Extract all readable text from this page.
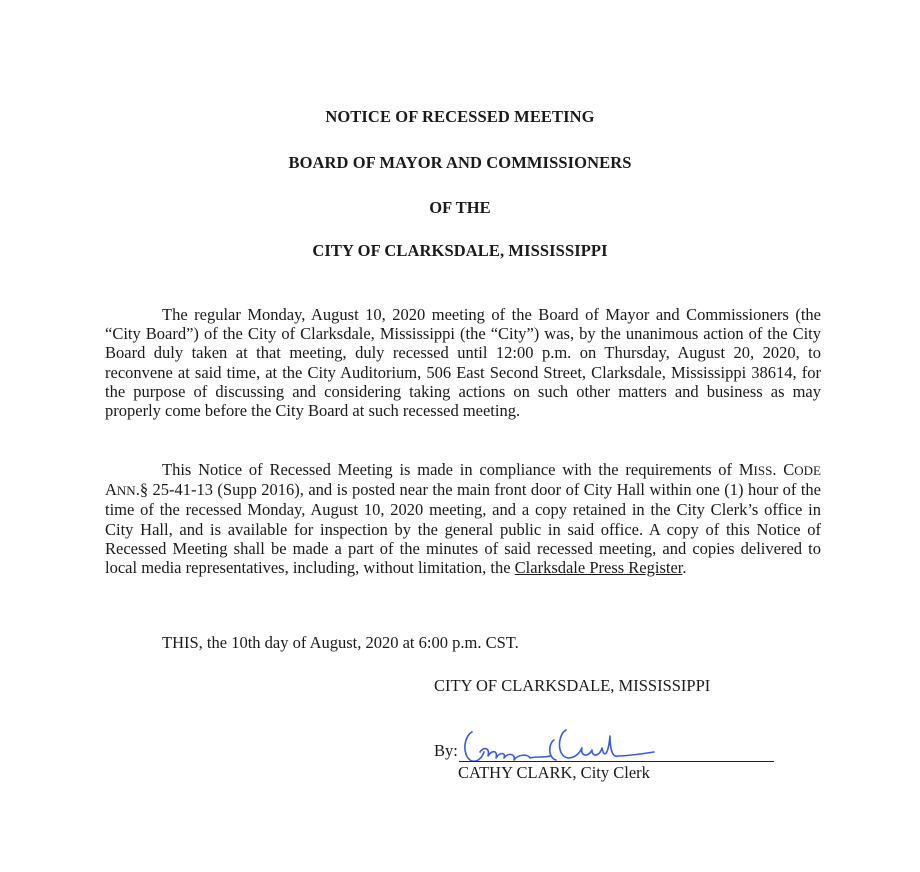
NOTICE OF RECESSED MEETING
BOARD OF MAYOR AND COMMISSIONERS
OF THE
CITY OF CLARKSDALE, MISSISSIPPI

The regular Monday, August 10, 2020 meeting of the Board of Mayor and Commissioners (the “City Board”) of the City of Clarksdale, Mississippi (the “City”) was, by the unanimous action of the City Board duly taken at that meeting, duly recessed until 12:00 p.m. on Thursday, August 20, 2020, to reconvene at said time, at the City Auditorium, 506 East Second Street, Clarksdale, Mississippi 38614, for the purpose of discussing and considering taking actions on such other matters and business as may properly come before the City Board at such recessed meeting.

This Notice of Recessed Meeting is made in compliance with the requirements of MISS. CODE ANN.§ 25-41-13 (Supp 2016), and is posted near the main front door of City Hall within one (1) hour of the time of the recessed Monday, August 10, 2020 meeting, and a copy retained in the City Clerk’s office in City Hall, and is available for inspection by the general public in said office. A copy of this Notice of Recessed Meeting shall be made a part of the minutes of said recessed meeting, and copies delivered to local media representatives, including, without limitation, the Clarksdale Press Register.

THIS, the 10th day of August, 2020 at 6:00 p.m. CST.

CITY OF CLARKSDALE, MISSISSIPPI

By:

CATHY CLARK, City Clerk
